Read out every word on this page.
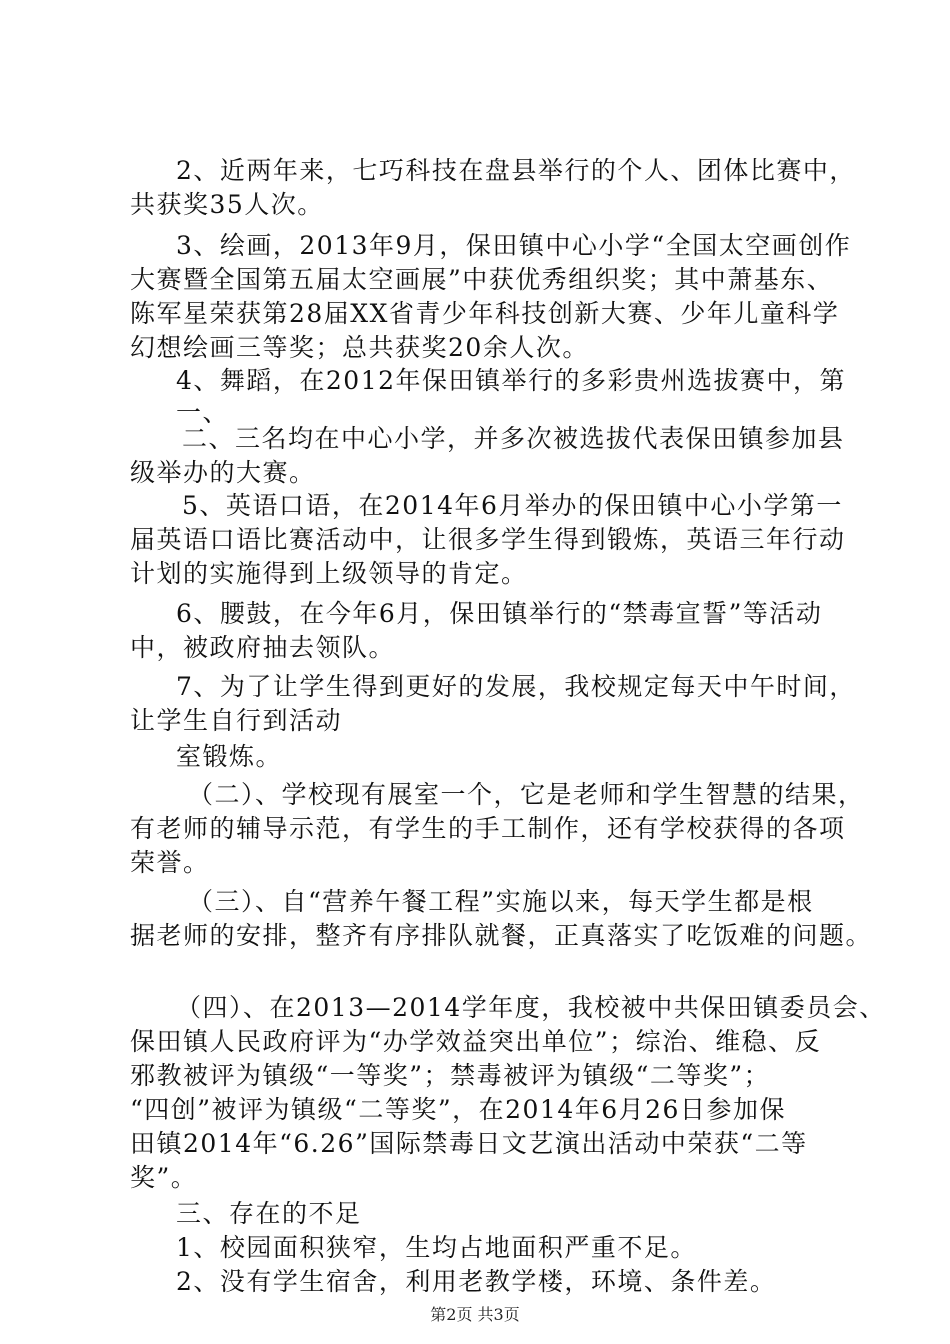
2、近两年来，七巧科技在盘县举行的个人、团体比赛中，

共获奖35人次。

3、绘画，2013年9月，保田镇中心小学“全国太空画创作

大赛暨全国第五届太空画展”中获优秀组织奖；其中萧基东、

陈军星荣获第28届XX省青少年科技创新大赛、少年儿童科学

幻想绘画三等奖；总共获奖20余人次。

4、舞蹈，在2012年保田镇举行的多彩贵州选拔赛中，第

一、

二、三名均在中心小学，并多次被选拔代表保田镇参加县

级举办的大赛。

5、英语口语，在2014年6月举办的保田镇中心小学第一

届英语口语比赛活动中，让很多学生得到锻炼，英语三年行动

计划的实施得到上级领导的肯定。

6、腰鼓，在今年6月，保田镇举行的“禁毒宣誓”等活动

中，被政府抽去领队。

7、为了让学生得到更好的发展，我校规定每天中午时间，

让学生自行到活动

室锻炼。

（二）、学校现有展室一个，它是老师和学生智慧的结果，

有老师的辅导示范，有学生的手工制作，还有学校获得的各项

荣誉。

（三）、自“营养午餐工程”实施以来，每天学生都是根

据老师的安排，整齐有序排队就餐，正真落实了吃饭难的问题。

（四）、在2013—2014学年度，我校被中共保田镇委员会、

保田镇人民政府评为“办学效益突出单位”；综治、维稳、反

邪教被评为镇级“一等奖”；禁毒被评为镇级“二等奖”；

“四创”被评为镇级“二等奖”，在2014年6月26日参加保

田镇2014年“6.26”国际禁毒日文艺演出活动中荣获“二等

奖”。

三、存在的不足

1、校园面积狭窄，生均占地面积严重不足。

2、没有学生宿舍，利用老教学楼，环境、条件差。

第2页 共3页
